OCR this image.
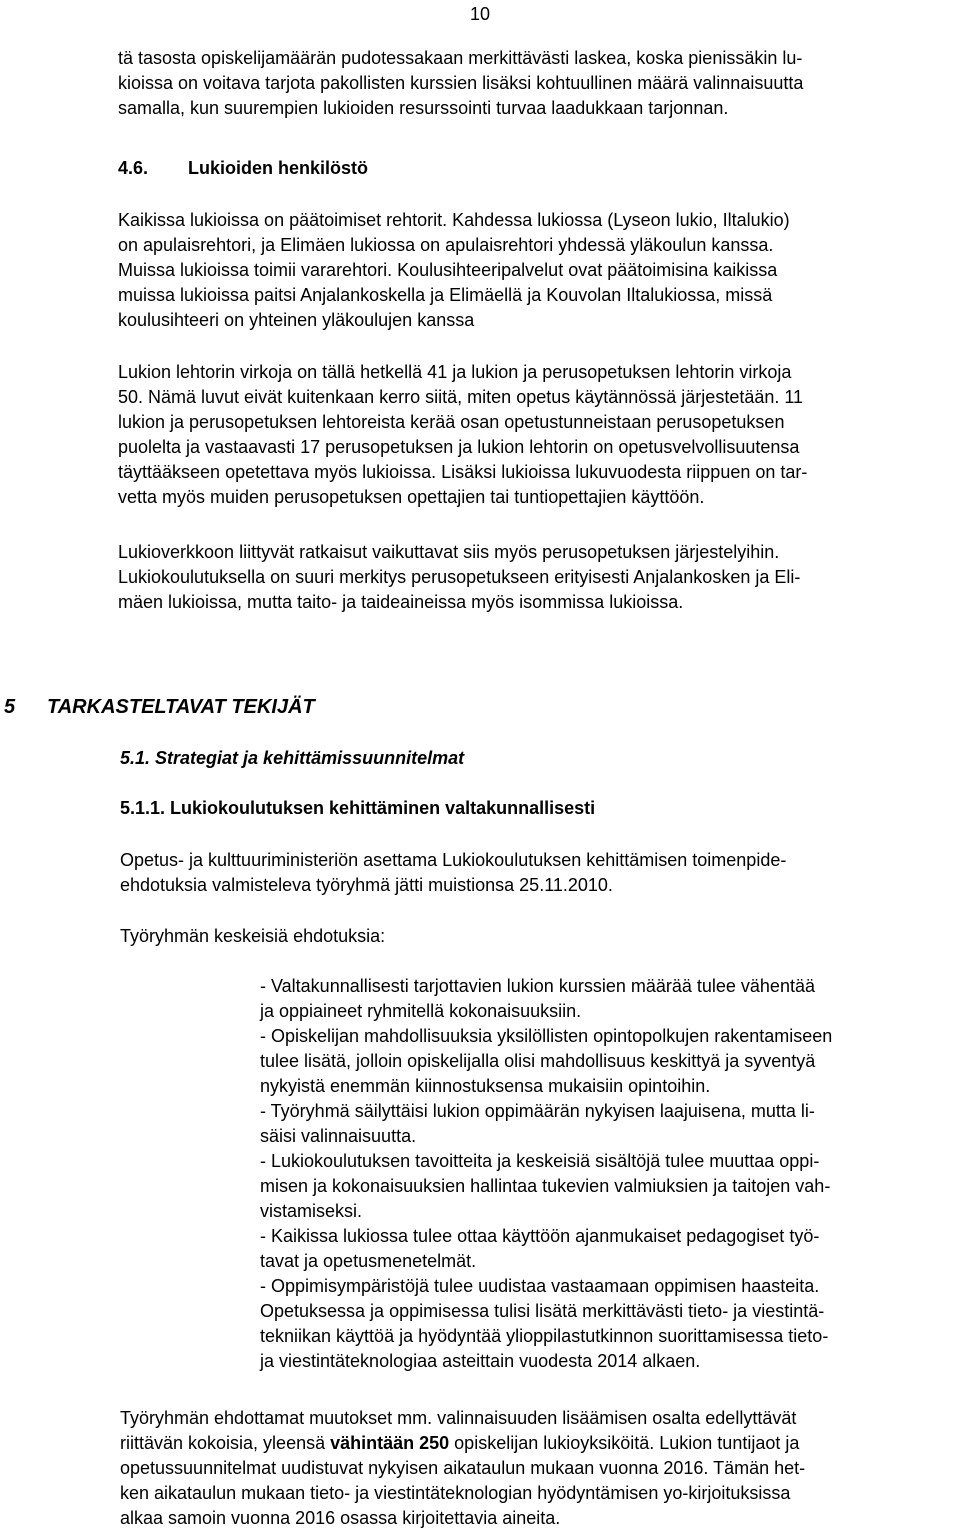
10

tä tasosta opiskelijamäärän pudotessakaan merkittävästi laskea, koska pienissäkin lu-
kioissa on voitava tarjota pakollisten kurssien lisäksi kohtuullinen määrä valinnaisuutta
samalla, kun suurempien lukioiden resurssointi turvaa laadukkaan tarjonnan.

4.6. Lukioiden henkilöstö

Kaikissa lukioissa on päätoimiset rehtorit. Kahdessa lukiossa (Lyseon lukio, Iltalukio)
on apulaisrehtori, ja Elimäen lukiossa on apulaisrehtori yhdessä yläkoulun kanssa.
Muissa lukioissa toimii vararehtori. Koulusihteeripalvelut ovat päätoimisina kaikissa
muissa lukioissa paitsi Anjalankoskella ja Elimäellä ja Kouvolan Iltalukiossa, missä
koulusihteeri on yhteinen yläkoulujen kanssa

Lukion lehtorin virkoja on tällä hetkellä 41 ja lukion ja perusopetuksen lehtorin virkoja
50. Nämä luvut eivät kuitenkaan kerro siitä, miten opetus käytännössä järjestetään. 11
lukion ja perusopetuksen lehtoreista kerää osan opetustunneistaan perusopetuksen
puolelta ja vastaavasti 17 perusopetuksen ja lukion lehtorin on opetusvelvollisuutensa
täyttääkseen opetettava myös lukioissa. Lisäksi lukioissa lukuvuodesta riippuen on tar-
vetta myös muiden perusopetuksen opettajien tai tuntiopettajien käyttöön.

Lukioverkkoon liittyvät ratkaisut vaikuttavat siis myös perusopetuksen järjestelyihin.
Lukiokoulutuksella on suuri merkitys perusopetukseen erityisesti Anjalankosken ja Eli-
mäen lukioissa, mutta taito- ja taideaineissa myös isommissa lukioissa.

5 TARKASTELTAVAT TEKIJÄT
5.1. Strategiat ja kehittämissuunnitelmat
5.1.1. Lukiokoulutuksen kehittäminen valtakunnallisesti

Opetus- ja kulttuuriministeriön asettama Lukiokoulutuksen kehittämisen toimenpide-
ehdotuksia valmisteleva työryhmä jätti muistionsa 25.11.2010.

Työryhmän keskeisiä ehdotuksia:

- Valtakunnallisesti tarjottavien lukion kurssien määrää tulee vähentää
ja oppiaineet ryhmitellä kokonaisuuksiin.
- Opiskelijan mahdollisuuksia yksilöllisten opintopolkujen rakentamiseen
tulee lisätä, jolloin opiskelijalla olisi mahdollisuus keskittyä ja syventyä
nykyistä enemmän kiinnostuksensa mukaisiin opintoihin.
- Työryhmä säilyttäisi lukion oppimäärän nykyisen laajuisena, mutta li-
säisi valinnaisuutta.
- Lukiokoulutuksen tavoitteita ja keskeisiä sisältöjä tulee muuttaa oppi-
misen ja kokonaisuuksien hallintaa tukevien valmiuksien ja taitojen vah-
vistamiseksi.
- Kaikissa lukiossa tulee ottaa käyttöön ajanmukaiset pedagogiset työ-
tavat ja opetusmenetelmät.
- Oppimisympäristöjä tulee uudistaa vastaamaan oppimisen haasteita.
Opetuksessa ja oppimisessa tulisi lisätä merkittävästi tieto- ja viestintä-
tekniikan käyttöä ja hyödyntää ylioppilastutkinnon suorittamisessa tieto-
ja viestintäteknologiaa asteittain vuodesta 2014 alkaen.

Työryhmän ehdottamat muutokset mm. valinnaisuuden lisäämisen osalta edellyttävät
riittävän kokoisia, yleensä vähintään 250 opiskelijan lukioyksiköitä. Lukion tuntijaot ja
opetussuunnitelmat uudistuvat nykyisen aikataulun mukaan vuonna 2016. Tämän het-
ken aikataulun mukaan tieto- ja viestintäteknologian hyödyntämisen yo-kirjoituksissa
alkaa samoin vuonna 2016 osassa kirjoitettavia aineita.
